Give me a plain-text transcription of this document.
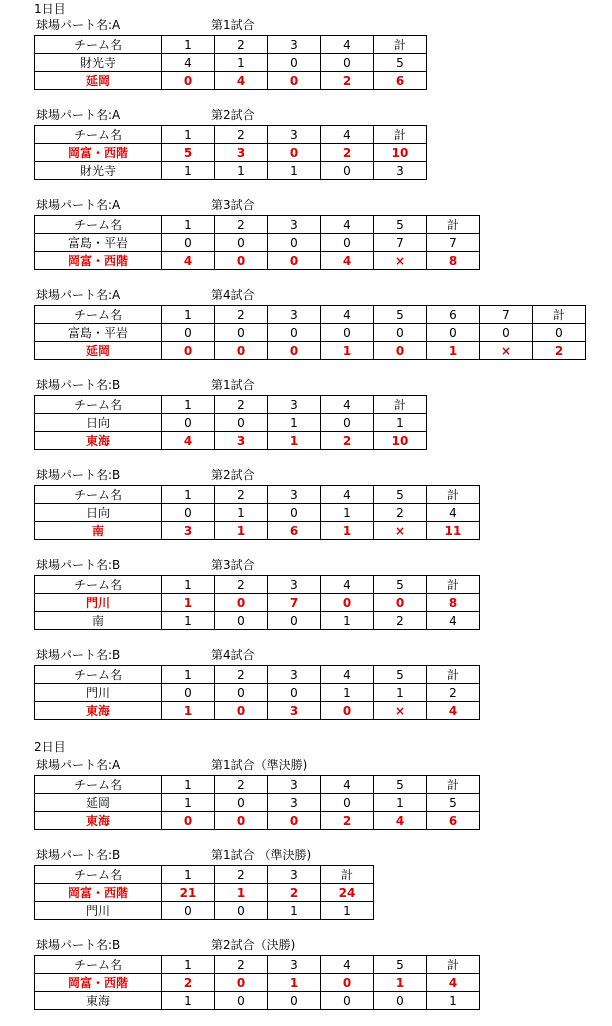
1日目
球場パート名:A	第1試合
チーム名	1	2	3	4	計
財光寺	4	1	0	0	5
延岡	0	4	0	2	6
球場パート名:A	第2試合
チーム名	1	2	3	4	計
岡富・西階	5	3	0	2	10
財光寺	1	1	1	0	3
球場パート名:A	第3試合
チーム名	1	2	3	4	5	計
富島・平岩	0	0	0	0	7	7
岡富・西階	4	0	0	4	×	8
球場パート名:A	第4試合
チーム名	1	2	3	4	5	6	7	計
富島・平岩	0	0	0	0	0	0	0	0
延岡	0	0	0	1	0	1	×	2
球場パート名:B	第1試合
チーム名	1	2	3	4	計
日向	0	0	1	0	1
東海	4	3	1	2	10
球場パート名:B	第2試合
チーム名	1	2	3	4	5	計
日向	0	1	0	1	2	4
南	3	1	6	1	×	11
球場パート名:B	第3試合
チーム名	1	2	3	4	5	計
門川	1	0	7	0	0	8
南	1	0	0	1	2	4
球場パート名:B	第4試合
チーム名	1	2	3	4	5	計
門川	0	0	0	1	1	2
東海	1	0	3	0	×	4
2日目
球場パート名:A	第1試合（準決勝)
チーム名	1	2	3	4	5	計
延岡	1	0	3	0	1	5
東海	0	0	0	2	4	6
球場パート名:B	第1試合 （準決勝)
チーム名	1	2	3	計
岡富・西階	21	1	2	24
門川	0	0	1	1
球場パート名:B	第2試合（決勝)
チーム名	1	2	3	4	5	計
岡富・西階	2	0	1	0	1	4
東海	1	0	0	0	0	1
